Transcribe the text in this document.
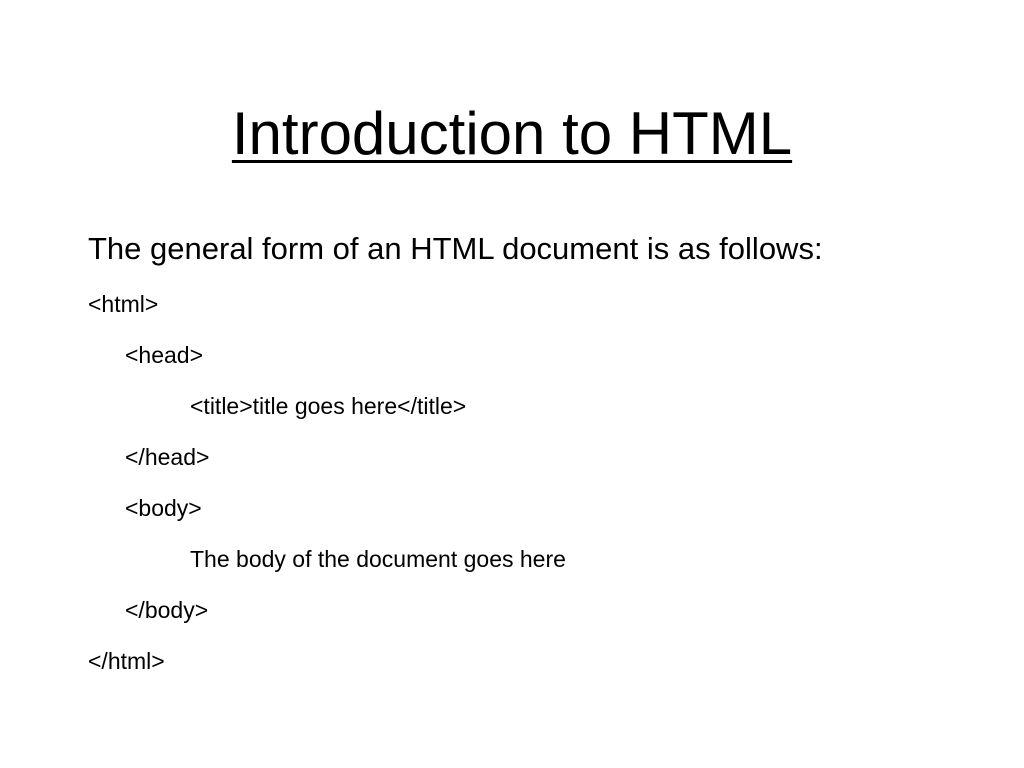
Introduction to HTML
The general form of an HTML document is as follows:
<html>
<head>
<title>title goes here</title>
</head>
<body>
The body of the document goes here
</body>
</html>
